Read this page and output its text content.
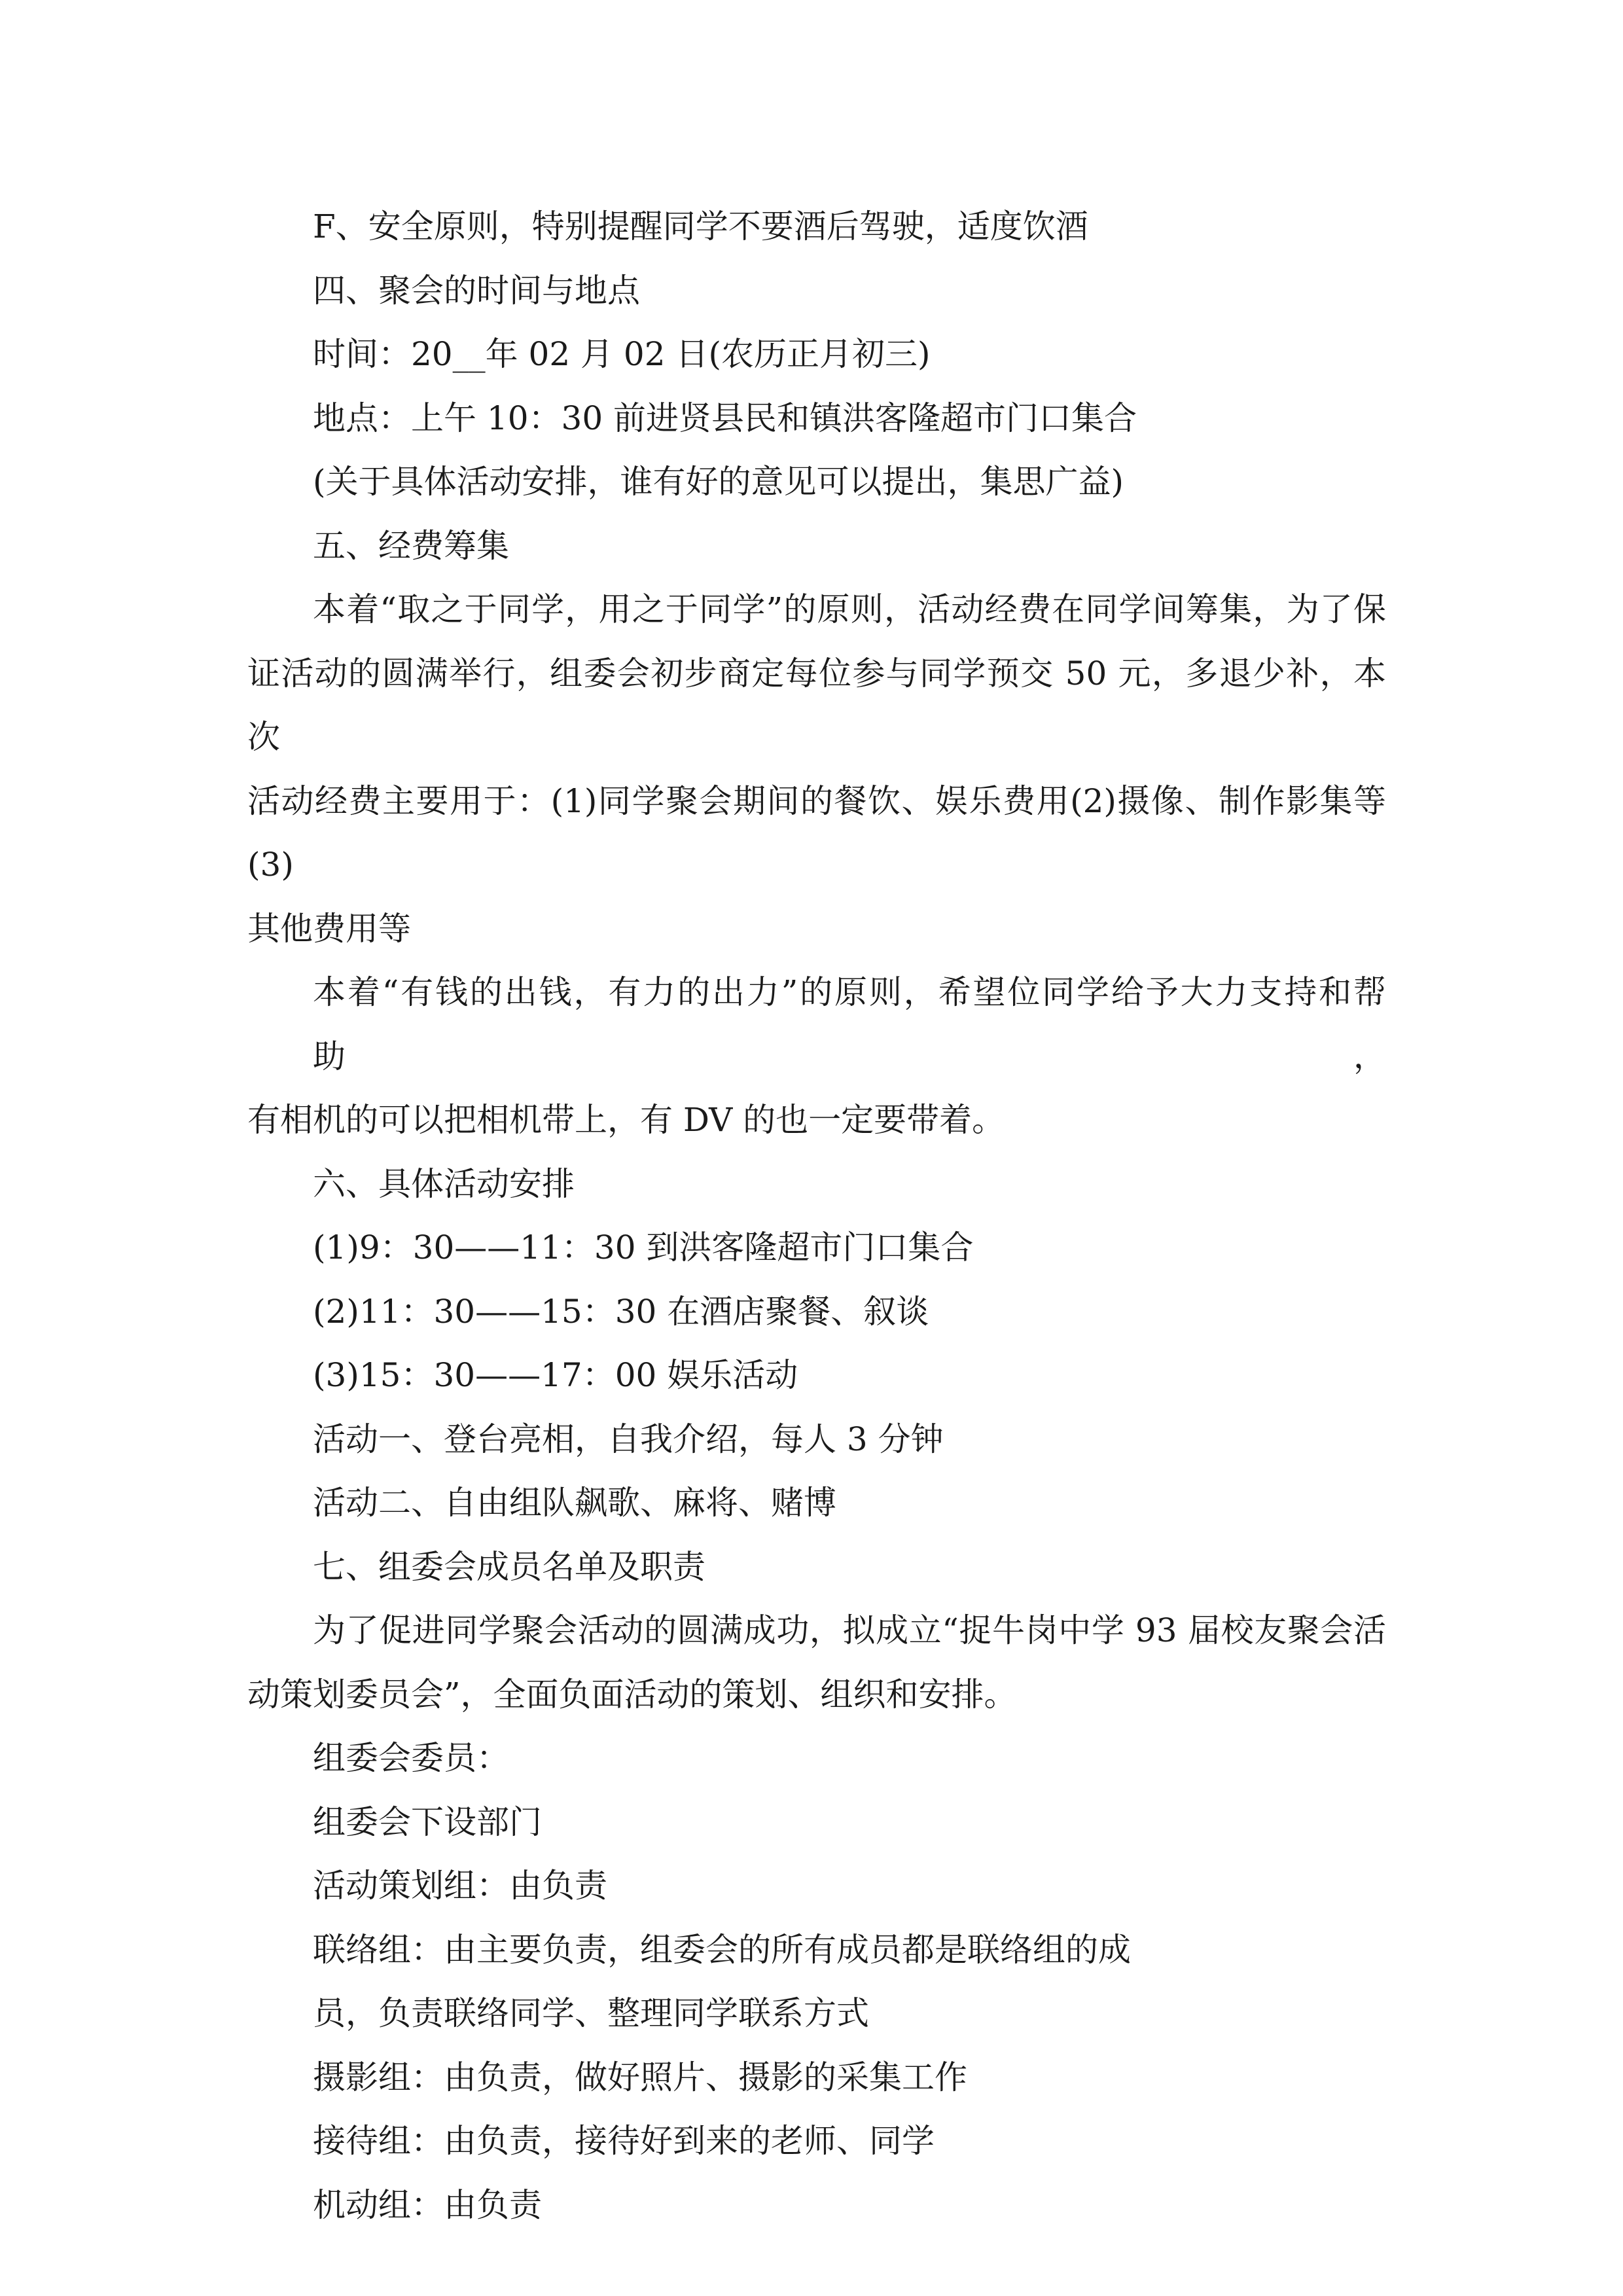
F、安全原则，特别提醒同学不要酒后驾驶，适度饮酒
四、聚会的时间与地点
时间：20__年 02 月 02 日(农历正月初三)
地点：上午 10：30 前进贤县民和镇洪客隆超市门口集合
(关于具体活动安排，谁有好的意见可以提出，集思广益)
五、经费筹集
本着“取之于同学，用之于同学”的原则，活动经费在同学间筹集，为了保
证活动的圆满举行，组委会初步商定每位参与同学预交 50 元，多退少补，本次
活动经费主要用于：(1)同学聚会期间的餐饮、娱乐费用(2)摄像、制作影集等(3)
其他费用等
本着“有钱的出钱，有力的出力”的原则，希望位同学给予大力支持和帮助，
有相机的可以把相机带上，有 DV 的也一定要带着。
六、具体活动安排
(1)9：30——11：30 到洪客隆超市门口集合
(2)11：30——15：30 在酒店聚餐、叙谈
(3)15：30——17：00 娱乐活动
活动一、登台亮相，自我介绍，每人 3 分钟
活动二、自由组队飙歌、麻将、赌博
七、组委会成员名单及职责
为了促进同学聚会活动的圆满成功，拟成立“捉牛岗中学 93 届校友聚会活
动策划委员会”，全面负面活动的策划、组织和安排。
组委会委员：
组委会下设部门
活动策划组：由负责
联络组：由主要负责，组委会的所有成员都是联络组的成
员，负责联络同学、整理同学联系方式
摄影组：由负责，做好照片、摄影的采集工作
接待组：由负责，接待好到来的老师、同学
机动组：由负责
